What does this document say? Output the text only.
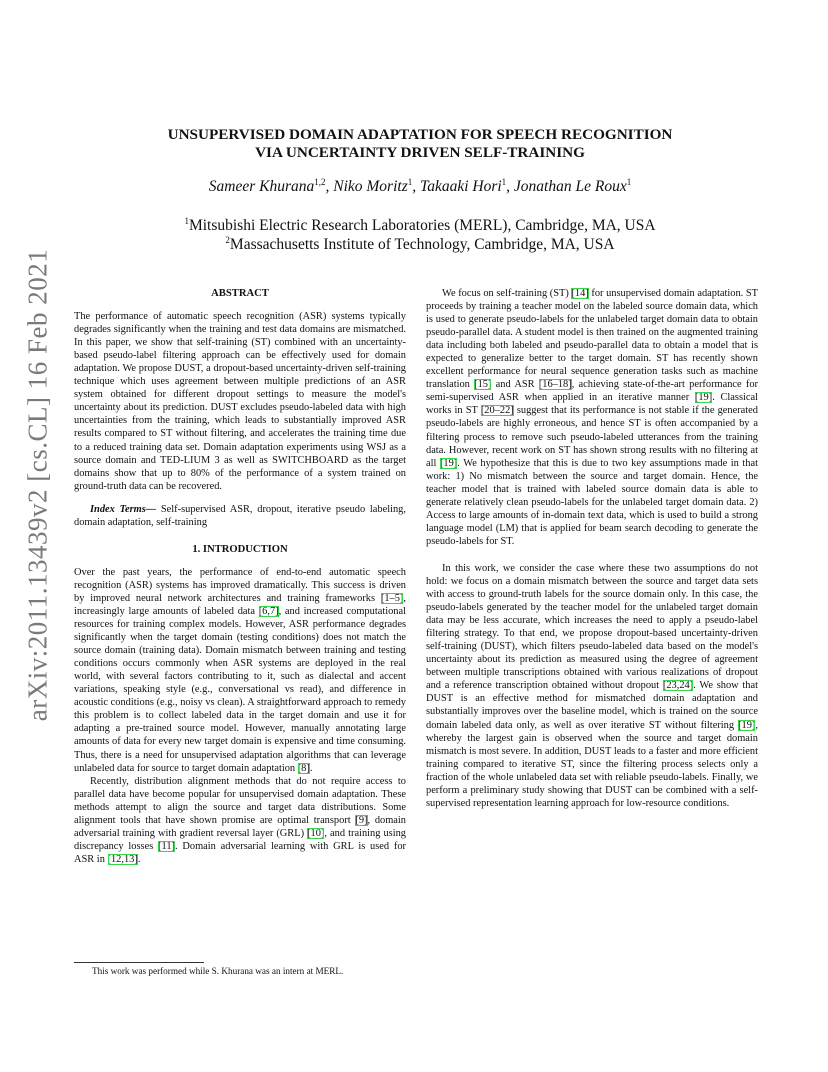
arXiv:2011.13439v2 [cs.CL] 16 Feb 2021
UNSUPERVISED DOMAIN ADAPTATION FOR SPEECH RECOGNITION
VIA UNCERTAINTY DRIVEN SELF-TRAINING

Sameer Khurana$^{1,2}$, Niko Moritz$^1$, Takaaki Hori$^1$, Jonathan Le Roux$^1$

$^1$Mitsubishi Electric Research Laboratories (MERL), Cambridge, MA, USA
$^2$Massachusetts Institute of Technology, Cambridge, MA, USA
ABSTRACT

The performance of automatic speech recognition (ASR) systems typically degrades significantly when the training and test data domains are mismatched. In this paper, we show that self-training (ST) combined with an uncertainty-based pseudo-label filtering approach can be effectively used for domain adaptation. We propose DUST, a dropout-based uncertainty-driven self-training technique which uses agreement between multiple predictions of an ASR system obtained for different dropout settings to measure the model's uncertainty about its prediction. DUST excludes pseudo-labeled data with high uncertainties from the training, which leads to substantially improved ASR results compared to ST without filtering, and accelerates the training time due to a reduced training data set. Domain adaptation experiments using WSJ as a source domain and TED-LIUM 3 as well as SWITCHBOARD as the target domains show that up to 80% of the performance of a system trained on ground-truth data can be recovered.

Index Terms— Self-supervised ASR, dropout, iterative pseudo labeling, domain adaptation, self-training

1. INTRODUCTION

Over the past years, the performance of end-to-end automatic speech recognition (ASR) systems has improved dramatically. This success is driven by improved neural network architectures and training frameworks [1–5], increasingly large amounts of labeled data [6,7], and increased computational resources for training complex models. However, ASR performance degrades significantly when the target domain (testing conditions) does not match the source domain (training data). Domain mismatch between training and testing conditions occurs commonly when ASR systems are deployed in the real world, with several factors contributing to it, such as dialectal and accent variations, speaking style (e.g., conversational vs read), and difference in acoustic conditions (e.g., noisy vs clean). A straightforward approach to remedy this problem is to collect labeled data in the target domain and use it for adapting a pre-trained source model. However, manually annotating large amounts of data for every new target domain is expensive and time consuming. Thus, there is a need for unsupervised adaptation algorithms that can leverage unlabeled data for source to target domain adaptation [8].

Recently, distribution alignment methods that do not require access to parallel data have become popular for unsupervised domain adaptation. These methods attempt to align the source and target data distributions. Some alignment tools that have shown promise are optimal transport [9], domain adversarial training with gradient reversal layer (GRL) [10], and training using discrepancy losses [11]. Domain adversarial learning with GRL is used for ASR in [12,13].

We focus on self-training (ST) [14] for unsupervised domain adaptation. ST proceeds by training a teacher model on the labeled source domain data, which is used to generate pseudo-labels for the unlabeled target domain data to obtain pseudo-parallel data. A student model is then trained on the augmented training data including both labeled and pseudo-parallel data to obtain a model that is expected to generalize better to the target domain. ST has recently shown excellent performance for neural sequence generation tasks such as machine translation [15] and ASR [16–18], achieving state-of-the-art performance for semi-supervised ASR when applied in an iterative manner [19]. Classical works in ST [20–22] suggest that its performance is not stable if the generated pseudo-labels are highly erroneous, and hence ST is often accompanied by a filtering process to remove such pseudo-labeled utterances from the training data. However, recent work on ST has shown strong results with no filtering at all [19]. We hypothesize that this is due to two key assumptions made in that work: 1) No mismatch between the source and target domain. Hence, the teacher model that is trained with labeled source domain data is able to generate relatively clean pseudo-labels for the unlabeled target domain data. 2) Access to large amounts of in-domain text data, which is used to build a strong language model (LM) that is applied for beam search decoding to generate the pseudo-labels for ST.

In this work, we consider the case where these two assumptions do not hold: we focus on a domain mismatch between the source and target data sets with access to ground-truth labels for the source domain only. In this case, the pseudo-labels generated by the teacher model for the unlabeled target domain data may be less accurate, which increases the need to apply a pseudo-label filtering strategy. To that end, we propose dropout-based uncertainty-driven self-training (DUST), which filters pseudo-labeled data based on the model's uncertainty about its prediction as measured using the degree of agreement between multiple transcriptions obtained with various realizations of dropout and a reference transcription obtained without dropout [23,24]. We show that DUST is an effective method for mismatched domain adaptation and substantially improves over the baseline model, which is trained on the source domain labeled data only, as well as over iterative ST without filtering [19], whereby the largest gain is observed when the source and target domain mismatch is most severe. In addition, DUST leads to a faster and more efficient training compared to iterative ST, since the filtering process selects only a fraction of the whole unlabeled data set with reliable pseudo-labels. Finally, we perform a preliminary study showing that DUST can be combined with a self-supervised representation learning approach for low-resource conditions.

This work was performed while S. Khurana was an intern at MERL.
